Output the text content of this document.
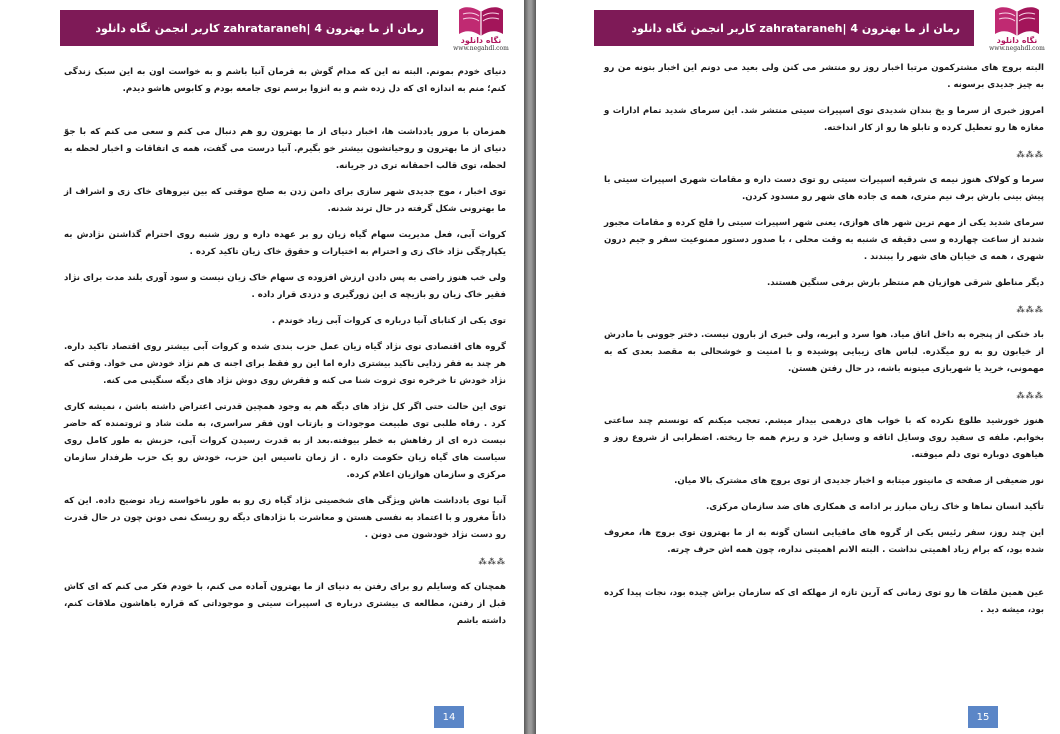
رمان از ما بهترون 4 |zahrataraneh کاربر انجمن نگاه دانلود
نگاه دانلود
www.negahdl.com

دنیای خودم بمونم. البته نه این که مدام گوش به فرمان آنیا باشم و به خواست اون به این سبک زندگی کنم؛ منم به اندازه ای که دل زده شم و به انزوا برسم توی جامعه بودم و کابوس هاشو دیدم.

همزمان با مرور یادداشت ها، اخبار دنیای از ما بهترون رو هم دنبال می کنم و سعی می کنم که با جوّ دنیای از ما بهترون و روحیاتشون بیشتر خو بگیرم. آنیا درست می گفت، همه ی اتفاقات و اخبار لحظه به لحظه، توی قالب احمقانه تری در جریانه.

توی اخبار ، موج جدیدی شهر سازی برای دامن زدن به صلح موقتی که بین نیروهای خاک زی و اشراف از ما بهترونی شکل گرفته در حال ترند شدنه.

کروات آبی، فعل مدیریت سهام گیاه زیان رو بر عهده داره و روز شنبه روی احترام گذاشتن نژادش به یکپارچگی نژاد خاک زی و احترام به اختیارات و حقوق خاک زیان تاکید کرده .

ولی خب هنوز راضی به پس دادن ارزش افزوده ی سهام خاک زیان نیست و سود آوری بلند مدت برای نژاد فقیر خاک زیان رو بازیچه ی این زورگیری و دزدی قرار داده .

توی یکی از کتابای آنیا درباره ی کروات آبی زیاد خوندم .

گروه های اقتصادی توی نژاد گیاه زیان عمل حزب بندی شده و کروات آبی بیشتر روی اقتصاد تاکید داره. هر چند به فقر زدایی تاکید بیشتری داره اما این رو فقط برای اجنه ی هم نژاد خودش می خواد. وقتی که نژاد خودش تا خرخره توی ثروت شنا می کنه و فقرش روی دوش نژاد های دیگه سنگینی می کنه.

توی این حالت حتی اگر کل نژاد های دیگه هم به وجود همچین قدرتی اعتراض داشته باشن ، نمیشه کاری کرد . رفاه طلبی توی طبیعت موجودات و بازتاب اون فقر سراسری، به ملت شاد و ثروتمنده که حاضر نیست ذره ای از رفاهش به خطر بیوفته.بعد از به قدرت رسیدن کروات آبی، حزبش به طور کامل روی سیاست های گیاه زیان حکومت داره . از زمان تاسیس این حزب، خودش رو یک حزب طرفدار سازمان مرکزی و سازمان هوازیان اعلام کرده.

آنیا توی یادداشت هاش ویژگی های شخصیتی نژاد گیاه زی رو به طور ناخواسته زیاد توضیح داده. این که ذاتاً مغرور و با اعتماد به نفسی هستن و معاشرت با نژادهای دیگه رو ریسک نمی دونن چون در حال قدرت رو دست نژاد خودشون می دونن .

⁂⁂⁂

همچنان که وسایلم رو برای رفتن به دنیای از ما بهترون آماده می کنم، با خودم فکر می کنم که ای کاش قبل از رفتن، مطالعه ی بیشتری درباره ی اسپیرات سیتی و موجوداتی که قراره باهاشون ملاقات کنم، داشته باشم

14
رمان از ما بهترون 4 |zahrataraneh کاربر انجمن نگاه دانلود
نگاه دانلود
www.negahdl.com

البته بروج های مشترکمون مرتبا اخبار روز رو منتشر می کنن ولی بعید می دونم این اخبار بتونه من رو به چیز جدیدی برسونه .

امروز خبری از سرما و یخ بندان شدیدی توی اسپیرات سیتی منتشر شد. این سرمای شدید تمام ادارات و مغازه ها رو تعطیل کرده و تابلو ها رو از کار انداخته.

⁂⁂⁂

سرما و کولاک هنوز نیمه ی شرقیه اسپیرات سیتی رو توی دست داره و مقامات شهری اسپیرات سیتی با پیش بینی بارش برف نیم متری، همه ی جاده های شهر رو مسدود کردن.

سرمای شدید یکی از مهم ترین شهر های هوازی، یعنی شهر اسپیرات سیتی را فلج کرده و مقامات مجبور شدند از ساعت چهارده و سی دقیقه ی شنبه به وقت محلی ، با صدور دستور ممنوعیت سفر و جیم درون شهری ، همه ی خیابان های شهر را ببندند .

دیگر مناطق شرقی هوازیان هم منتظر بارش برفی سنگین هستند.

⁂⁂⁂

باد خنکی از پنجره به داخل اتاق میاد. هوا سرد و ابریه، ولی خبری از بارون نیست. دختر جوونی با مادرش از خیابون رو به رو میگذره. لباس های زیبایی پوشیده و با امنیت و خوشحالی به مقصد بعدی که به مهمونی، خرید یا شهربازی میتونه باشه، در حال رفتن هستن.

⁂⁂⁂

هنوز خورشید طلوع نکرده که با خواب های درهمی بیدار میشم. تعجب میکنم که تونستم چند ساعتی بخوابم. ملفه ی سفید روی وسایل اتاقه و وسایل خرد و ریزم همه جا ریخته. اضطرابی از شروع روز و هیاهوی دوباره توی دلم میوفته.

نور ضعیفی از صفحه ی مانیتور میتابه و اخبار جدیدی از توی بروج های مشترک بالا میان.

تأکید انسان نماها و خاک زیان مبارز بر ادامه ی همکاری های ضد سازمان مرکزی.

این چند روز، سفر رئیس یکی از گروه های مافیایی انسان گونه به از ما بهترون توی بروج ها، معروف شده بود، که برام زیاد اهمیتی نداشت . البته الانم اهمیتی نداره، چون همه اش حرف چرته.

عین همین ملقات ها رو توی زمانی که آرین تازه از مهلکه ای که سازمان براش چیده بود، نجات پیدا کرده بود، میشه دید .

15
